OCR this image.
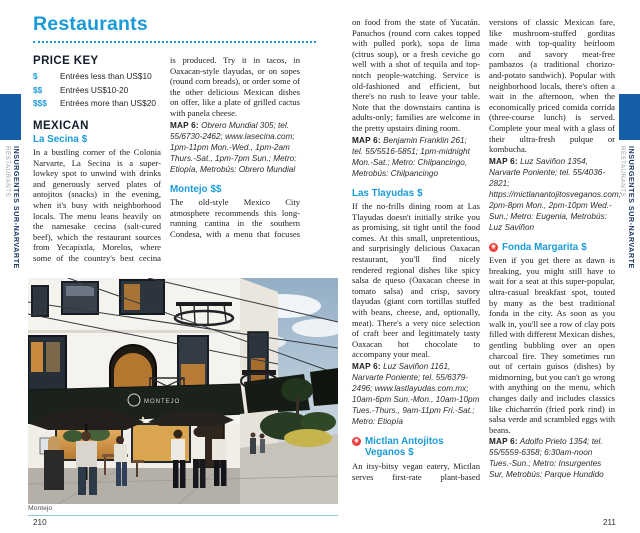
INSURGENTES SUR-NARVARTE
RESTAURANTS	INSURGENTES SUR-NARVARTE
RESTAURANTS
Restaurants
PRICE KEY
$	Entrées less than US$10
$$	Entrées US$10-20
$$$	Entrées more than US$20
MEXICAN
La Secina $

In a bustling corner of the Colonia Narvarte, La Secina is a super-lowkey spot to unwind with drinks and generously served plates of antojitos (snacks) in the evening, when it's busy with neighborhood locals. The menu leans heavily on the namesake cecina (salt-cured beef), which the restaurant sources from Yecapixtla, Morelos, where some of the country's best cecina

is produced. Try it in tacos, in Oaxacan-style tlayudas, or on sopes (round corn breads), or order some of the other delicious Mexican dishes on offer, like a plate of grilled cactus with panela cheese.

MAP 6: Obrero Mundial 305; tel. 55/6730-2462; www.lasecina.com; 1pm-11pm Mon.-Wed., 1pm-2am Thurs.-Sat., 1pm-7pm Sun.; Metro: Etiopía, Metrobús: Obrero Mundial

Montejo $$

The old-style Mexico City atmosphere recommends this long-running cantina in the southern Condesa, with a menu that focuses

MONTEJO
Montejo
210	211

on food from the state of Yucatán. Panuchos (round corn cakes topped with pulled pork), sopa de lima (citrus soup), or a fresh ceviche go well with a shot of tequila and top-notch people-watching. Service is old-fashioned and efficient, but there's no rush to leave your table. Note that the downstairs cantina is adults-only; families are welcome in the pretty upstairs dining room.

MAP 6: Benjamin Franklin 261; tel. 55/5516-5851; 1pm-midnight Mon.-Sat.; Metro: Chilpancingo, Metrobús: Chilpancingo

Las Tlayudas $

If the no-frills dining room at Las Tlayudas doesn't initially strike you as promising, sit tight until the food comes. At this small, unpretentious, and surprisingly delicious Oaxacan restaurant, you'll find nicely rendered regional dishes like spicy salsa de queso (Oaxacan cheese in tomato salsa) and crisp, savory tlayudas (giant corn tortillas stuffed with beans, cheese, and, optionally, meat). There's a very nice selection of craft beer and legitimately tasty Oaxacan hot chocolate to accompany your meal.

MAP 6: Luz Saviñon 1161, Narvarte Poniente; tel. 55/6379-2496; www.lastlayudas.com.mx; 10am-6pm Sun.-Mon., 10am-10pm Tues.-Thurs., 9am-11pm Fri.-Sat.; Metro: Etiopía

✳ Mictlan Antojitos Veganos $

An itsy-bitsy vegan eatery, Mictlan serves first-rate plant-based

versions of classic Mexican fare, like mushroom-stuffed gorditas made with top-quality heirloom corn and savory meat-free pambazos (a traditional chorizo-and-potato sandwich). Popular with neighborhood locals, there's often a wait in the afternoon, when the economically priced comida corrida (three-course lunch) is served. Complete your meal with a glass of their ultra-fresh pulque or kombucha.

MAP 6: Luz Saviñon 1354, Narvarte Poniente; tel. 55/4036-2821; https://mictlanantojitosveganos.com; 2pm-8pm Mon., 2pm-10pm Wed.-Sun.; Metro: Eugenia, Metrobús: Luz Saviñon

✳ Fonda Margarita $

Even if you get there as dawn is breaking, you might still have to wait for a seat at this super-popular, ultra-casual breakfast spot, touted by many as the best traditional fonda in the city. As soon as you walk in, you'll see a row of clay pots filled with different Mexican dishes, gentling bubbling over an open charcoal fire. They sometimes run out of certain guisos (dishes) by midmorning, but you can't go wrong with anything on the menu, which changes daily and includes classics like chicharrón (fried pork rind) in salsa verde and scrambled eggs with beans.

MAP 6: Adolfo Prieto 1354; tel. 55/5559-6358; 6:30am-noon Tues.-Sun.; Metro: Insurgentes Sur, Metrobús: Parque Hundido
